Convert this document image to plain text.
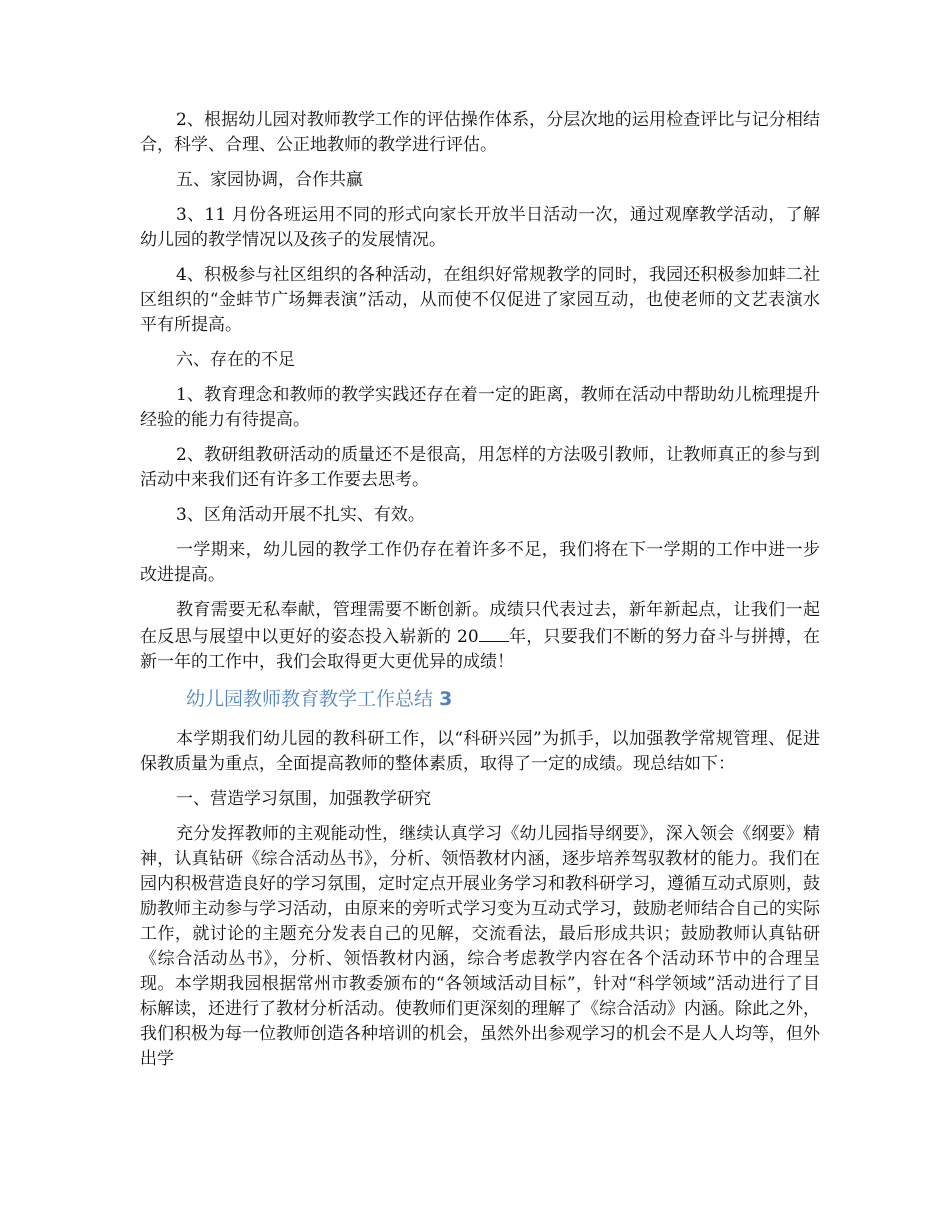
2、根据幼儿园对教师教学工作的评估操作体系，分层次地的运用检查评比与记分相结合，科学、合理、公正地教师的教学进行评估。

五、家园协调，合作共赢

3、11 月份各班运用不同的形式向家长开放半日活动一次，通过观摩教学活动，了解幼儿园的教学情况以及孩子的发展情况。

4、积极参与社区组织的各种活动，在组织好常规教学的同时，我园还积极参加蚌二社区组织的“金蚌节广场舞表演”活动，从而使不仅促进了家园互动，也使老师的文艺表演水平有所提高。

六、存在的不足

1、教育理念和教师的教学实践还存在着一定的距离，教师在活动中帮助幼儿梳理提升经验的能力有待提高。

2、教研组教研活动的质量还不是很高，用怎样的方法吸引教师，让教师真正的参与到活动中来我们还有许多工作要去思考。

3、区角活动开展不扎实、有效。

一学期来，幼儿园的教学工作仍存在着许多不足，我们将在下一学期的工作中进一步改进提高。

教育需要无私奉献，管理需要不断创新。成绩只代表过去，新年新起点，让我们一起在反思与展望中以更好的姿态投入崭新的 20 年，只要我们不断的努力奋斗与拼搏，在新一年的工作中，我们会取得更大更优异的成绩！

幼儿园教师教育教学工作总结 3

本学期我们幼儿园的教科研工作，以“科研兴园”为抓手，以加强教学常规管理、促进保教质量为重点，全面提高教师的整体素质，取得了一定的成绩。现总结如下：

一、营造学习氛围，加强教学研究

充分发挥教师的主观能动性，继续认真学习《幼儿园指导纲要》，深入领会《纲要》精神，认真钻研《综合活动丛书》，分析、领悟教材内涵，逐步培养驾驭教材的能力。我们在园内积极营造良好的学习氛围，定时定点开展业务学习和教科研学习，遵循互动式原则，鼓励教师主动参与学习活动，由原来的旁听式学习变为互动式学习，鼓励老师结合自己的实际工作，就讨论的主题充分发表自己的见解，交流看法，最后形成共识；鼓励教师认真钻研《综合活动丛书》，分析、领悟教材内涵，综合考虑教学内容在各个活动环节中的合理呈现。本学期我园根据常州市教委颁布的“各领域活动目标”，针对“科学领域”活动进行了目标解读，还进行了教材分析活动。使教师们更深刻的理解了《综合活动》内涵。除此之外，我们积极为每一位教师创造各种培训的机会，虽然外出参观学习的机会不是人人均等，但外出学
